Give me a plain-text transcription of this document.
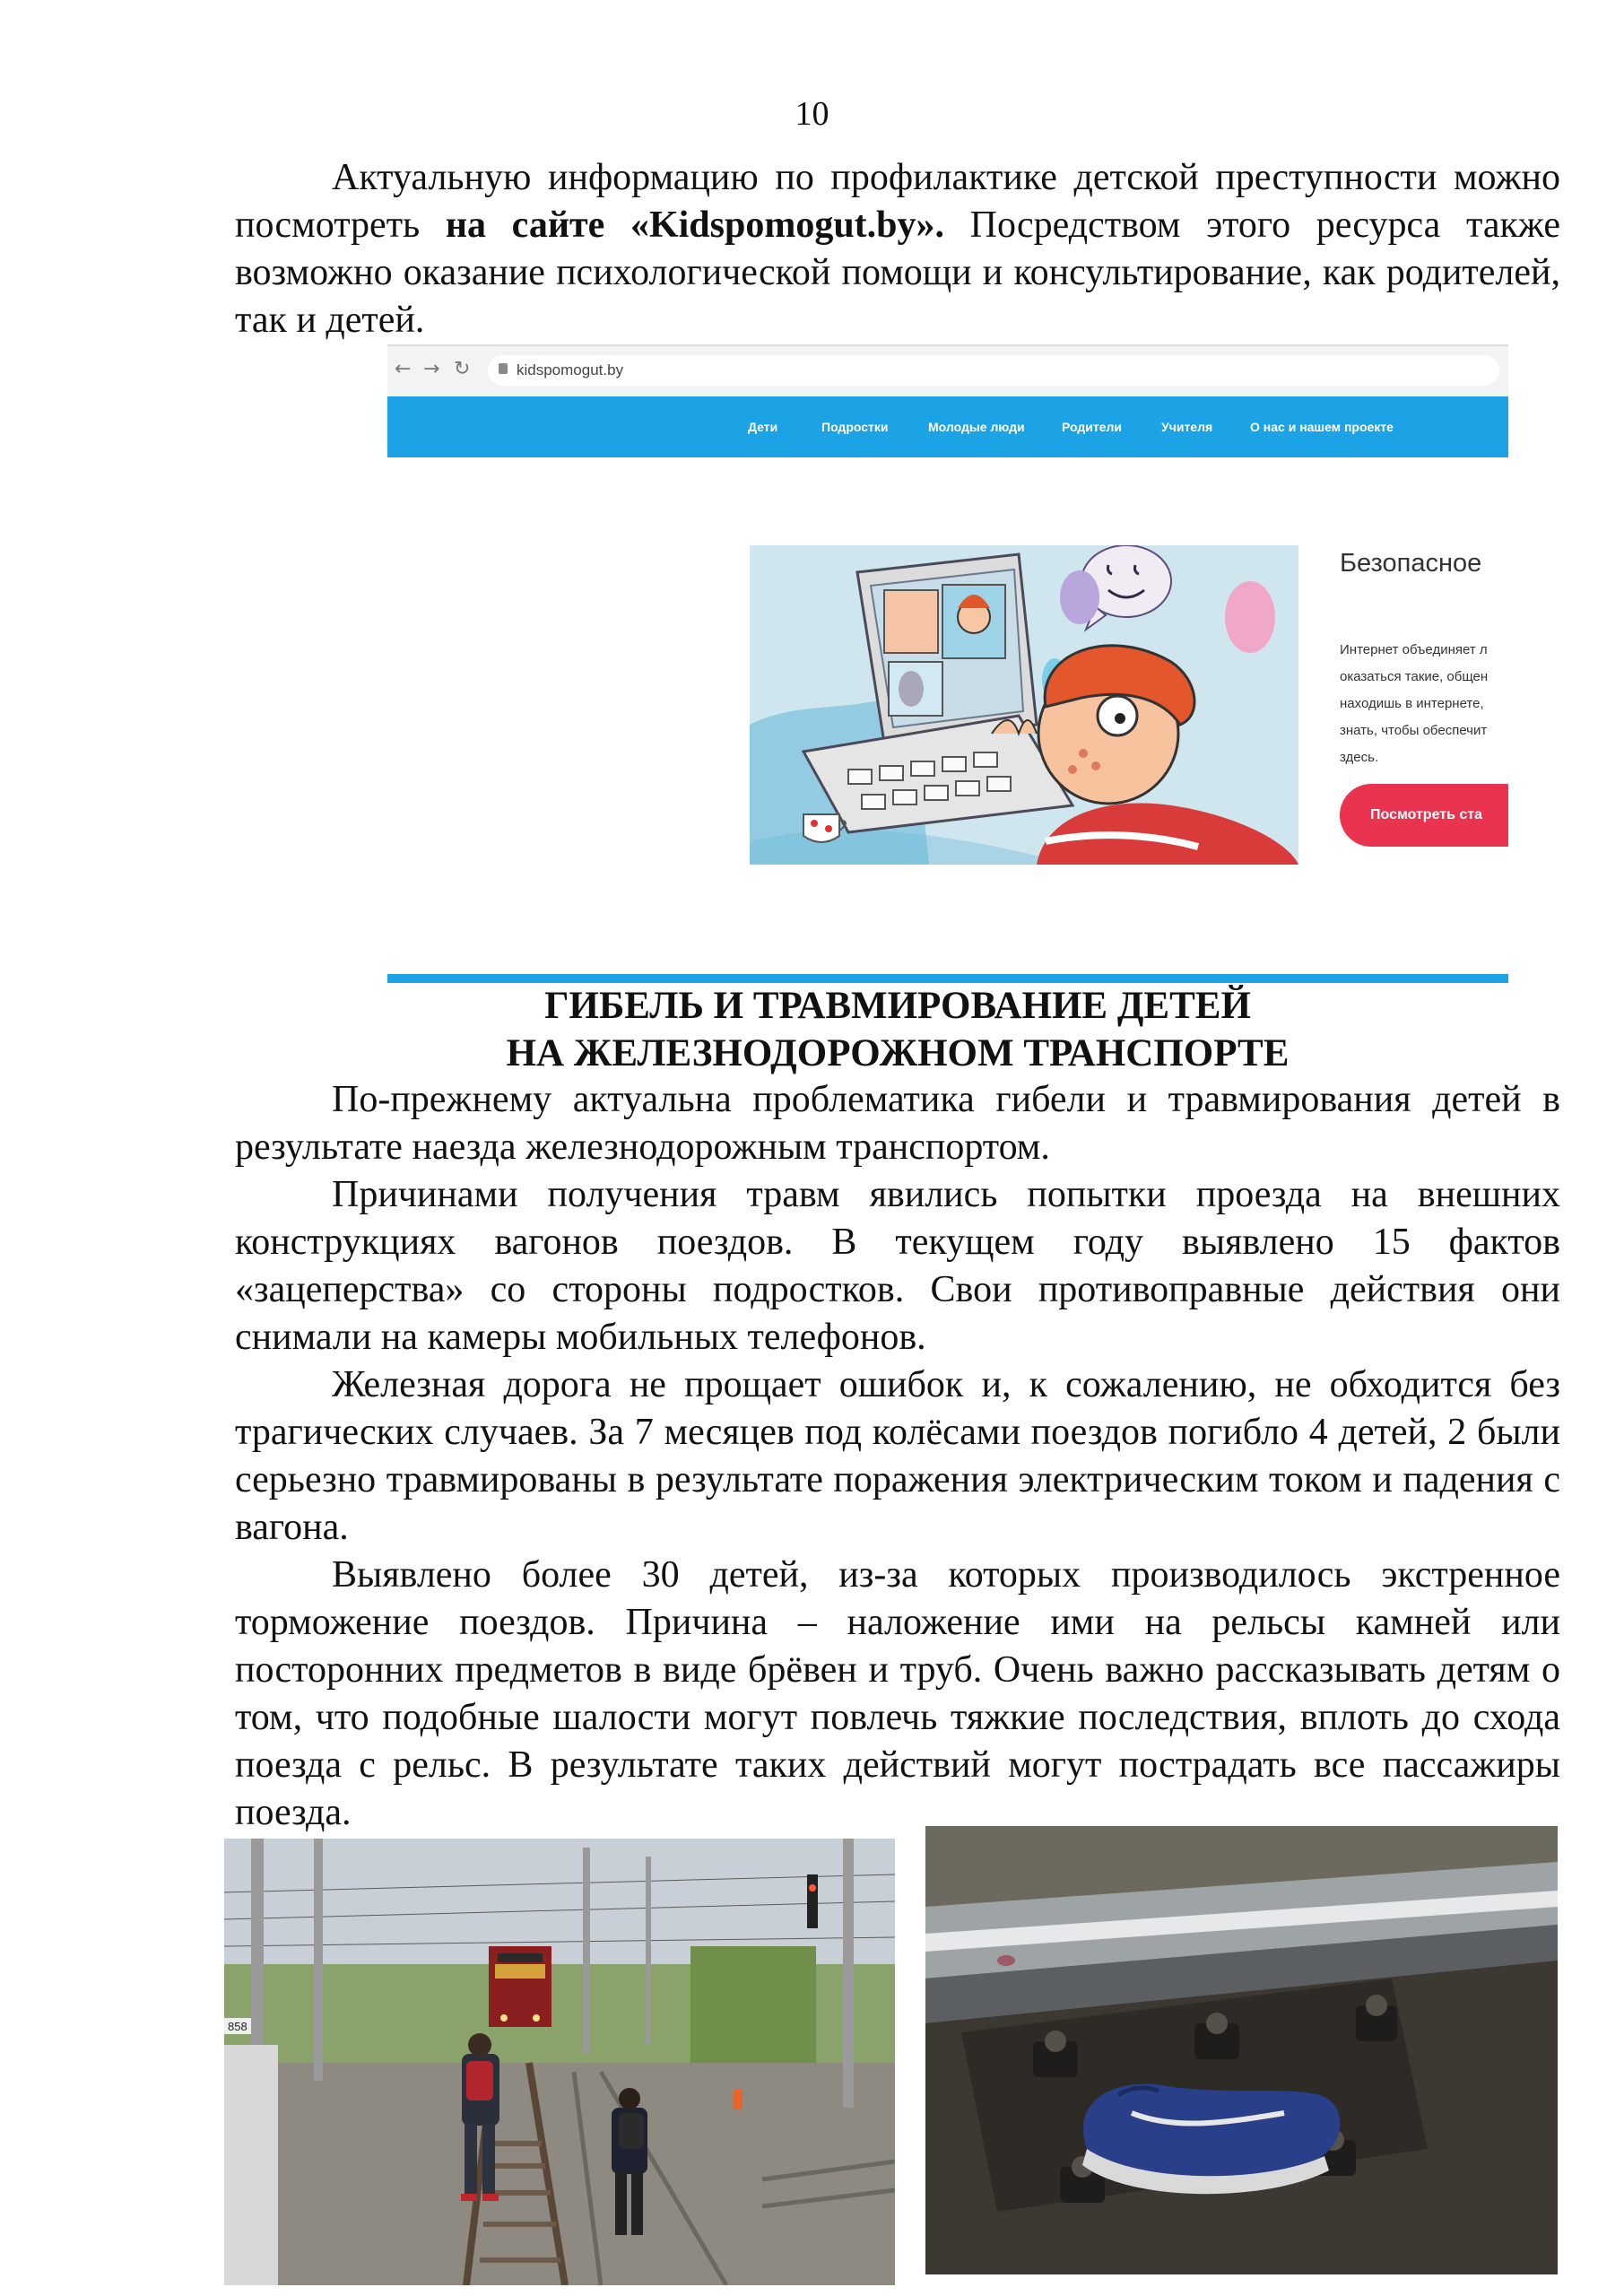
10

Актуальную информацию по профилактике детской преступности можно посмотреть на сайте «Kidspomogut.by». Посредством этого ресурса также возможно оказание психологической помощи и консультирование, как родителей, так и детей.

← → ↻	kidspomogut.by
Дети	Подростки	Молодые люди	Родители	Учителя	О нас и нашем проекте
Безопасное
Интернет объединяет л
оказаться такие, общен
находишь в интернете,
знать, чтобы обеспечит
здесь.
Посмотреть ста
ГИБЕЛЬ И ТРАВМИРОВАНИЕ ДЕТЕЙ
НА ЖЕЛЕЗНОДОРОЖНОМ ТРАНСПОРТЕ

По-прежнему актуальна проблематика гибели и травмирования детей в результате наезда железнодорожным транспортом.

Причинами получения травм явились попытки проезда на внешних конструкциях вагонов поездов. В текущем году выявлено 15 фактов «зацеперства» со стороны подростков. Свои противоправные действия они снимали на камеры мобильных телефонов.

Железная дорога не прощает ошибок и, к сожалению, не обходится без трагических случаев. За 7 месяцев под колёсами поездов погибло 4 детей, 2 были серьезно травмированы в результате поражения электрическим током и падения с вагона.

Выявлено более 30 детей, из-за которых производилось экстренное торможение поездов. Причина – наложение ими на рельсы камней или посторонних предметов в виде брёвен и труб. Очень важно рассказывать детям о том, что подобные шалости могут повлечь тяжкие последствия, вплоть до схода поезда с рельс. В результате таких действий могут пострадать все пассажиры поезда.

858
